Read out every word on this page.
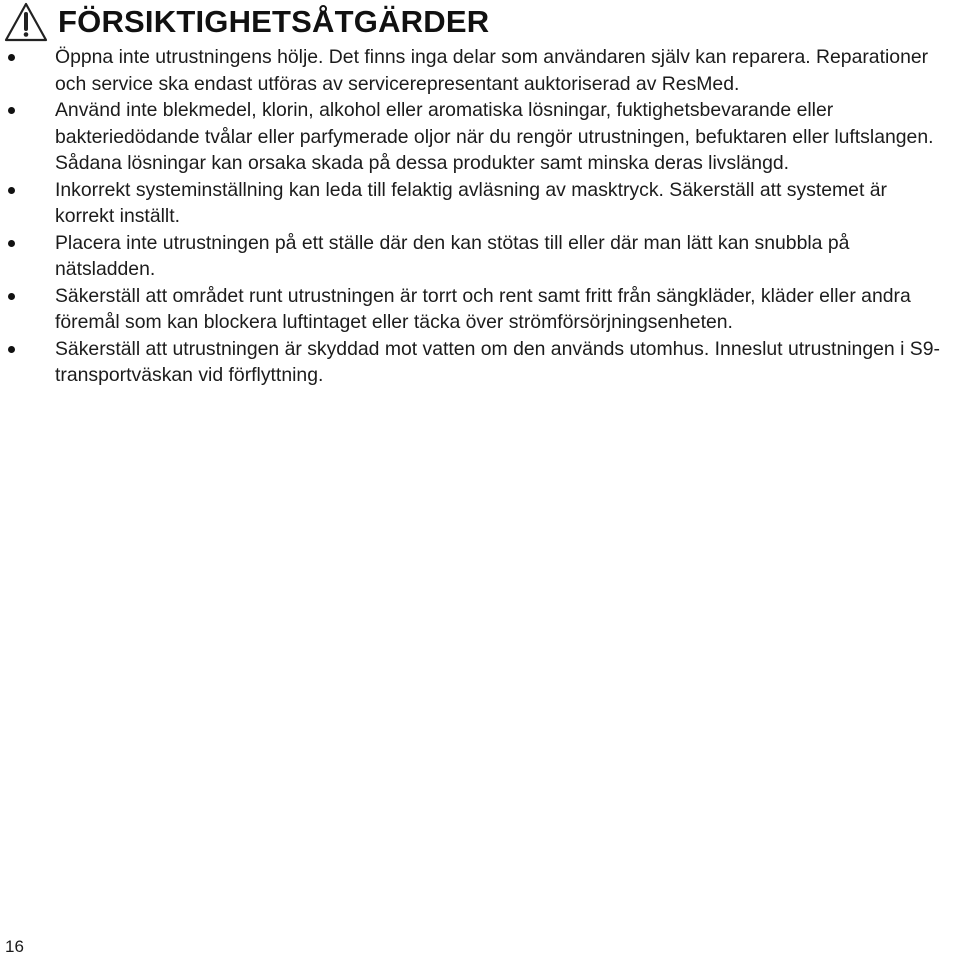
FÖRSIKTIGHETSÅTGÄRDER
Öppna inte utrustningens hölje. Det finns inga delar som användaren själv kan reparera. Reparationer och service ska endast utföras av servicerepresentant auktoriserad av ResMed.
Använd inte blekmedel, klorin, alkohol eller aromatiska lösningar, fuktighetsbevarande eller bakteriedödande tvålar eller parfymerade oljor när du rengör utrustningen, befuktaren eller luftslangen. Sådana lösningar kan orsaka skada på dessa produkter samt minska deras livslängd.
Inkorrekt systeminställning kan leda till felaktig avläsning av masktryck. Säkerställ att systemet är korrekt inställt.
Placera inte utrustningen på ett ställe där den kan stötas till eller där man lätt kan snubbla på nätsladden.
Säkerställ att området runt utrustningen är torrt och rent samt fritt från sängkläder, kläder eller andra föremål som kan blockera luftintaget eller täcka över strömförsörjningsenheten.
Säkerställ att utrustningen är skyddad mot vatten om den används utomhus. Inneslut utrustningen i S9-transportväskan vid förflyttning.
16
